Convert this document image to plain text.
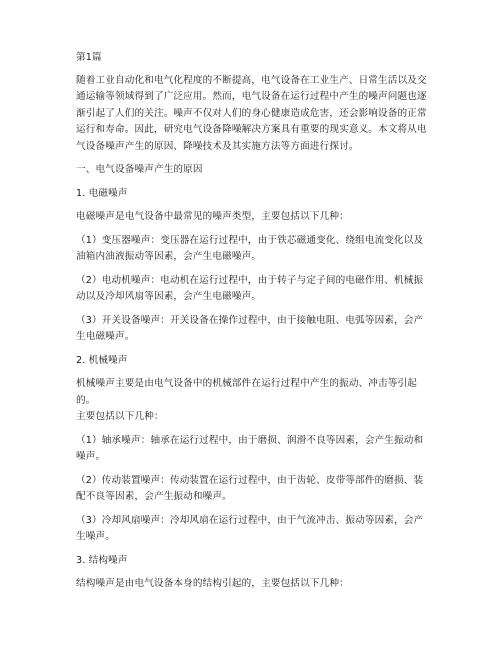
第1篇

随着工业自动化和电气化程度的不断提高，电气设备在工业生产、日常生活以及交

通运输等领域得到了广泛应用。然而，电气设备在运行过程中产生的噪声问题也逐

渐引起了人们的关注。噪声不仅对人们的身心健康造成危害，还会影响设备的正常

运行和寿命。因此，研究电气设备降噪解决方案具有重要的现实意义。本文将从电

气设备噪声产生的原因、降噪技术及其实施方法等方面进行探讨。

一、电气设备噪声产生的原因

1. 电磁噪声

电磁噪声是电气设备中最常见的噪声类型，主要包括以下几种：

（1）变压器噪声：变压器在运行过程中，由于铁芯磁通变化、绕组电流变化以及

油箱内油液振动等因素，会产生电磁噪声。

（2）电动机噪声：电动机在运行过程中，由于转子与定子间的电磁作用、机械振

动以及冷却风扇等因素，会产生电磁噪声。

（3）开关设备噪声：开关设备在操作过程中，由于接触电阻、电弧等因素，会产

生电磁噪声。

2. 机械噪声

机械噪声主要是由电气设备中的机械部件在运行过程中产生的振动、冲击等引起的。

主要包括以下几种：

（1）轴承噪声：轴承在运行过程中，由于磨损、润滑不良等因素，会产生振动和

噪声。

（2）传动装置噪声：传动装置在运行过程中，由于齿轮、皮带等部件的磨损、装

配不良等因素，会产生振动和噪声。

（3）冷却风扇噪声：冷却风扇在运行过程中，由于气流冲击、振动等因素，会产

生噪声。

3. 结构噪声

结构噪声是由电气设备本身的结构引起的，主要包括以下几种：
